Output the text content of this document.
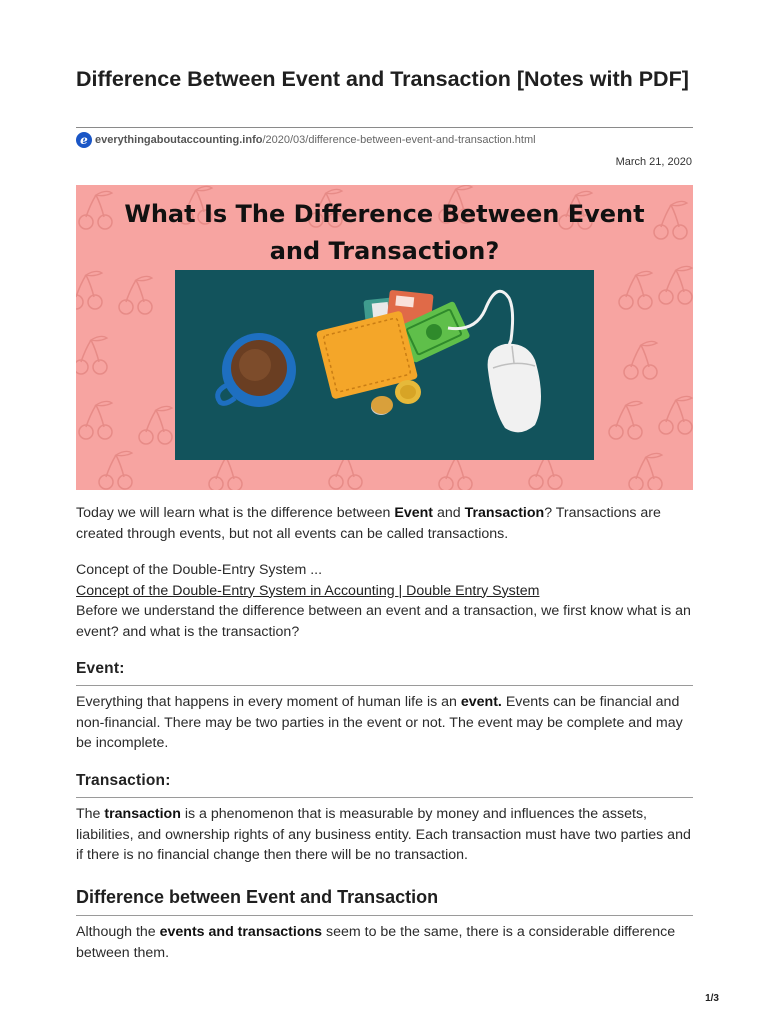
Difference Between Event and Transaction [Notes with PDF]
e everythingaboutaccounting.info /2020/03/difference-between-event-and-transaction.html
March 21, 2020
What Is The Difference Between Event
and Transaction?
Today we will learn what is the difference between Event and Transaction? Transactions are created through events, but not all events can be called transactions.
Concept of the Double-Entry System ...
Concept of the Double-Entry System in Accounting | Double Entry System
Before we understand the difference between an event and a transaction, we first know what is an event? and what is the transaction?
Event:
Everything that happens in every moment of human life is an event. Events can be financial and non-financial. There may be two parties in the event or not. The event may be complete and may be incomplete.
Transaction:
The transaction is a phenomenon that is measurable by money and influences the assets, liabilities, and ownership rights of any business entity. Each transaction must have two parties and if there is no financial change then there will be no transaction.
Difference between Event and Transaction
Although the events and transactions seem to be the same, there is a considerable difference between them.
1/3
